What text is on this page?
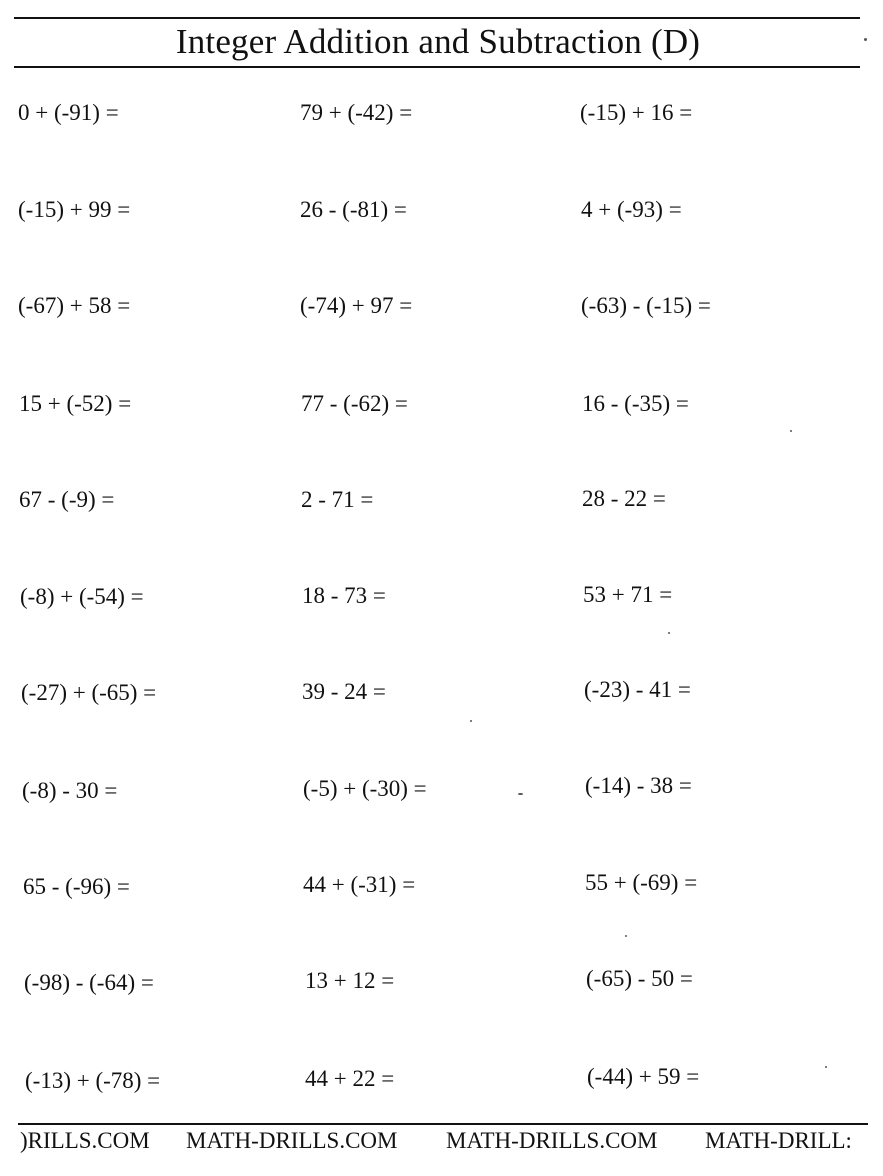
Integer Addition and Subtraction (D)
0 + (-91) =	79 + (-42) =	(-15) + 16 =
(-15) + 99 =	26 - (-81) =	4 + (-93) =
(-67) + 58 =	(-74) + 97 =	(-63) - (-15) =
15 + (-52) =	77 - (-62) =	16 - (-35) =
67 - (-9) =	2 - 71 =	28 - 22 =
(-8) + (-54) =	18 - 73 =	53 + 71 =
(-27) + (-65) =	39 - 24 =	(-23) - 41 =
(-8) - 30 =	(-5) + (-30) =	(-14) - 38 =
65 - (-96) =	44 + (-31) =	55 + (-69) =
(-98) - (-64) =	13 + 12 =	(-65) - 50 =
(-13) + (-78) =	44 + 22 =	(-44) + 59 =
)RILLS.COM MATH-DRILLS.COM MATH-DRILLS.COM MATH-DRILL:
